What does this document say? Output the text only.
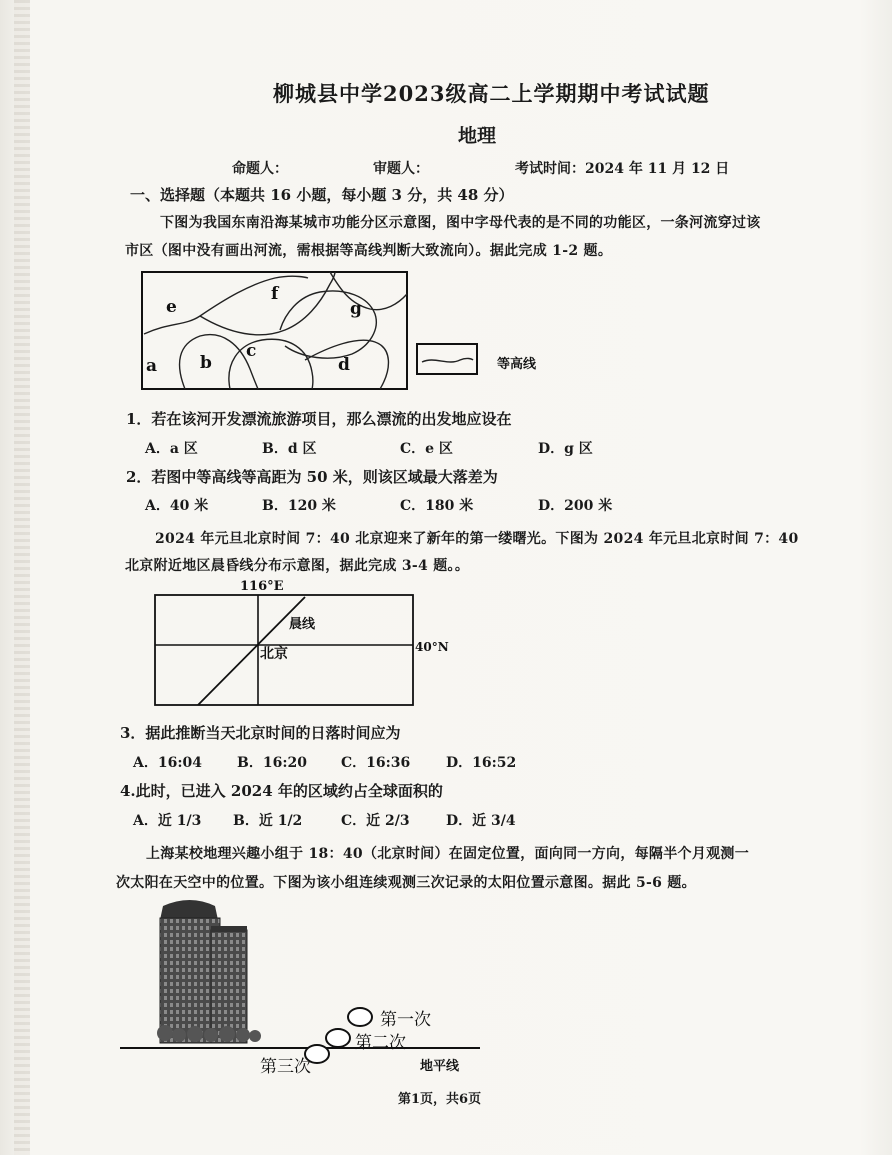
柳城县中学2023级高二上学期期中考试试题
地理
命题人：	审题人：	考试时间：2024 年 11 月 12 日
一、选择题（本题共 16 小题，每小题 3 分，共 48 分）
下图为我国东南沿海某城市功能分区示意图，图中字母代表的是不同的功能区，一条河流穿过该
市区（图中没有画出河流，需根据等高线判断大致流向）。据此完成 1-2 题。
e
f
g
a	b
c
d	等高线
1．若在该河开发漂流旅游项目，那么漂流的出发地应设在
A．a 区	B．d 区	C．e 区	D．g 区
2．若图中等高线等高距为 50 米，则该区域最大落差为
A．40 米	B．120 米	C．180 米	D．200 米
2024 年元旦北京时间 7：40 北京迎来了新年的第一缕曙光。下图为 2024 年元旦北京时间 7：40
北京附近地区晨昏线分布示意图，据此完成 3-4 题。。
116°E
晨线
北京	40°N
3．据此推断当天北京时间的日落时间应为
A．16:04	B．16:20 C．16:36	D．16:52
4.此时，已进入 2024 年的区域约占全球面积的
A．近 1/3 B．近 1/2	C．近 2/3	D．近 3/4
上海某校地理兴趣小组于 18：40（北京时间）在固定位置，面向同一方向，每隔半个月观测一
次太阳在天空中的位置。下图为该小组连续观测三次记录的太阳位置示意图。据此 5-6 题。
第一次
第二次
第三次	地平线
第1页，共6页
